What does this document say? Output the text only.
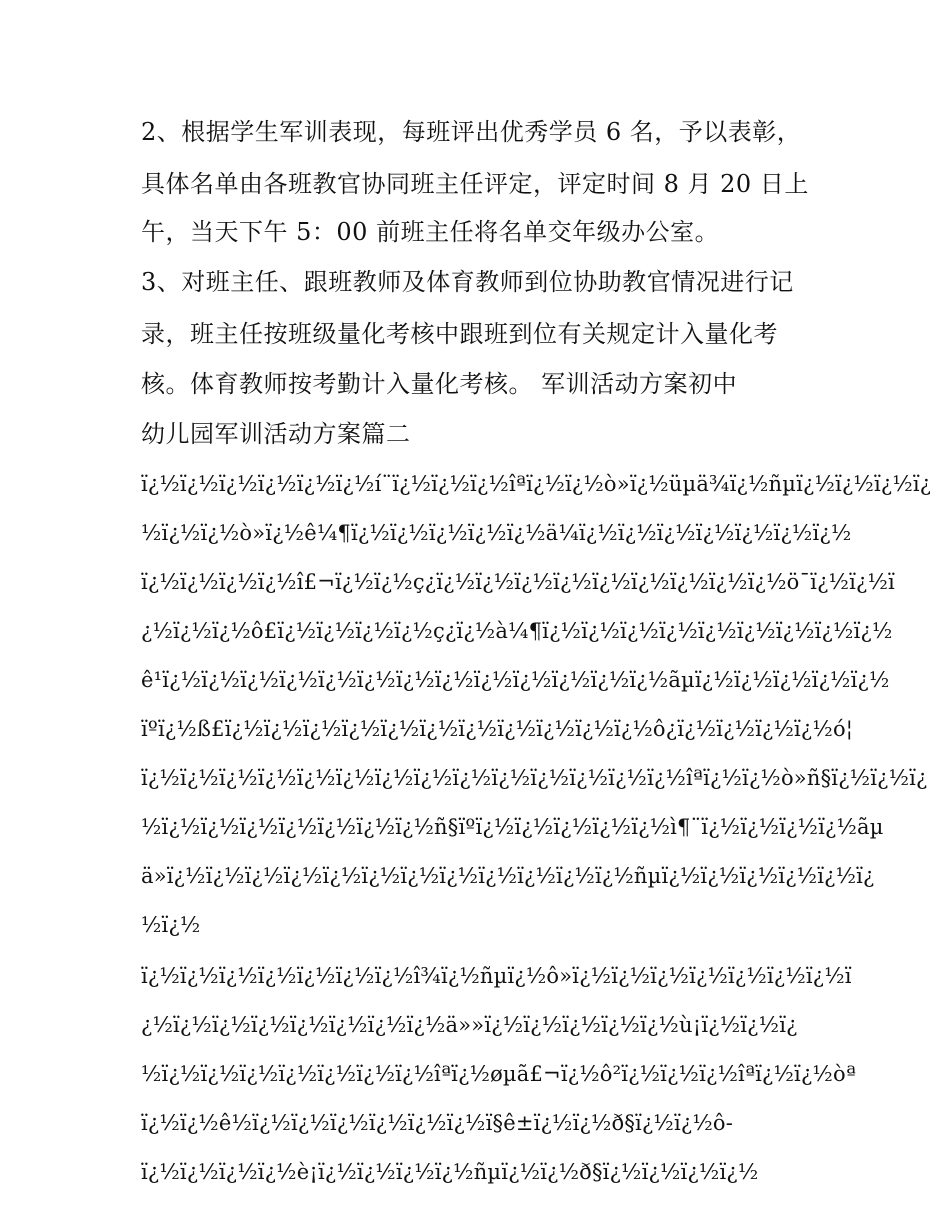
2、根据学生军训表现，每班评出优秀学员 6 名，予以表彰，
具体名单由各班教官协同班主任评定，评定时间 8 月 20 日上
午，当天下午 5：00 前班主任将名单交年级办公室。
3、对班主任、跟班教师及体育教师到位协助教官情况进行记
录，班主任按班级量化考核中跟班到位有关规定计入量化考
核。体育教师按考勤计入量化考核。 军训活动方案初中
幼儿园军训活动方案篇二
ï¿½ï¿½ï¿½ï¿½ï¿½ï¿½í¨ï¿½ï¿½ï¿½îªï¿½ï¿½ò»ï¿½üµä¾ï¿½ñµï¿½ï¿½ï¿½ï¿
½ï¿½ï¿½ò»ï¿½ê¼¶ï¿½ï¿½ï¿½ï¿½ï¿½ä¼ï¿½ï¿½ï¿½ï¿½ï¿½ï¿½ï¿½
ï¿½ï¿½ï¿½ï¿½î£¬ï¿½ï¿½ç¿ï¿½ï¿½ï¿½ï¿½ï¿½ï¿½ï¿½ï¿½ï¿½ö¯ï¿½ï¿½ï
¿½ï¿½ï¿½ô£ï¿½ï¿½ï¿½ï¿½ç¿ï¿½à¼¶ï¿½ï¿½ï¿½ï¿½ï¿½ï¿½ï¿½ï¿½ï¿½
ê¹ï¿½ï¿½ï¿½ï¿½ï¿½ï¿½ï¿½ï¿½ï¿½ï¿½ï¿½ï¿½ï¿½ãµï¿½ï¿½ï¿½ï¿½ï¿½
ïºï¿½ß£ï¿½ï¿½ï¿½ï¿½ï¿½ï¿½ï¿½ï¿½ï¿½ï¿½ï¿½ô¿ï¿½ï¿½ï¿½ï¿½ó¦
ï¿½ï¿½ï¿½ï¿½ï¿½ï¿½ï¿½ï¿½ï¿½ï¿½ï¿½ï¿½ï¿½ï¿½îªï¿½ï¿½ò»ñ§ï¿½ï¿½ï¿
½ï¿½ï¿½ï¿½ï¿½ï¿½ï¿½ï¿½ñ§ïºï¿½ï¿½ï¿½ï¿½ï¿½ì¶¨ï¿½ï¿½ï¿½ï¿½ãµ
ä»ï¿½ï¿½ï¿½ï¿½ï¿½ï¿½ï¿½ï¿½ï¿½ï¿½ï¿½ï¿½ñµï¿½ï¿½ï¿½ï¿½ï¿½ï¿
½ï¿½
ï¿½ï¿½ï¿½ï¿½ï¿½ï¿½ï¿½î¾ï¿½ñµï¿½ô»ï¿½ï¿½ï¿½ï¿½ï¿½ï¿½ï¿½ï
¿½ï¿½ï¿½ï¿½ï¿½ï¿½ï¿½ï¿½ä»»ï¿½ï¿½ï¿½ï¿½ï¿½ù¡ï¿½ï¿½ï¿
½ï¿½ï¿½ï¿½ï¿½ï¿½ï¿½ï¿½îªï¿½øµã£¬ï¿½ô²ï¿½ï¿½ï¿½îªï¿½ï¿½òª
ï¿½ï¿½ê½ï¿½ï¿½ï¿½ï¿½ï¿½ï¿½ï§ê±ï¿½ï¿½ð§ï¿½ï¿½ô-
ï¿½ï¿½ï¿½ï¿½è¡ï¿½ï¿½ï¿½ï¿½ñµï¿½ï¿½ð§ï¿½ï¿½ï¿½ï¿½
